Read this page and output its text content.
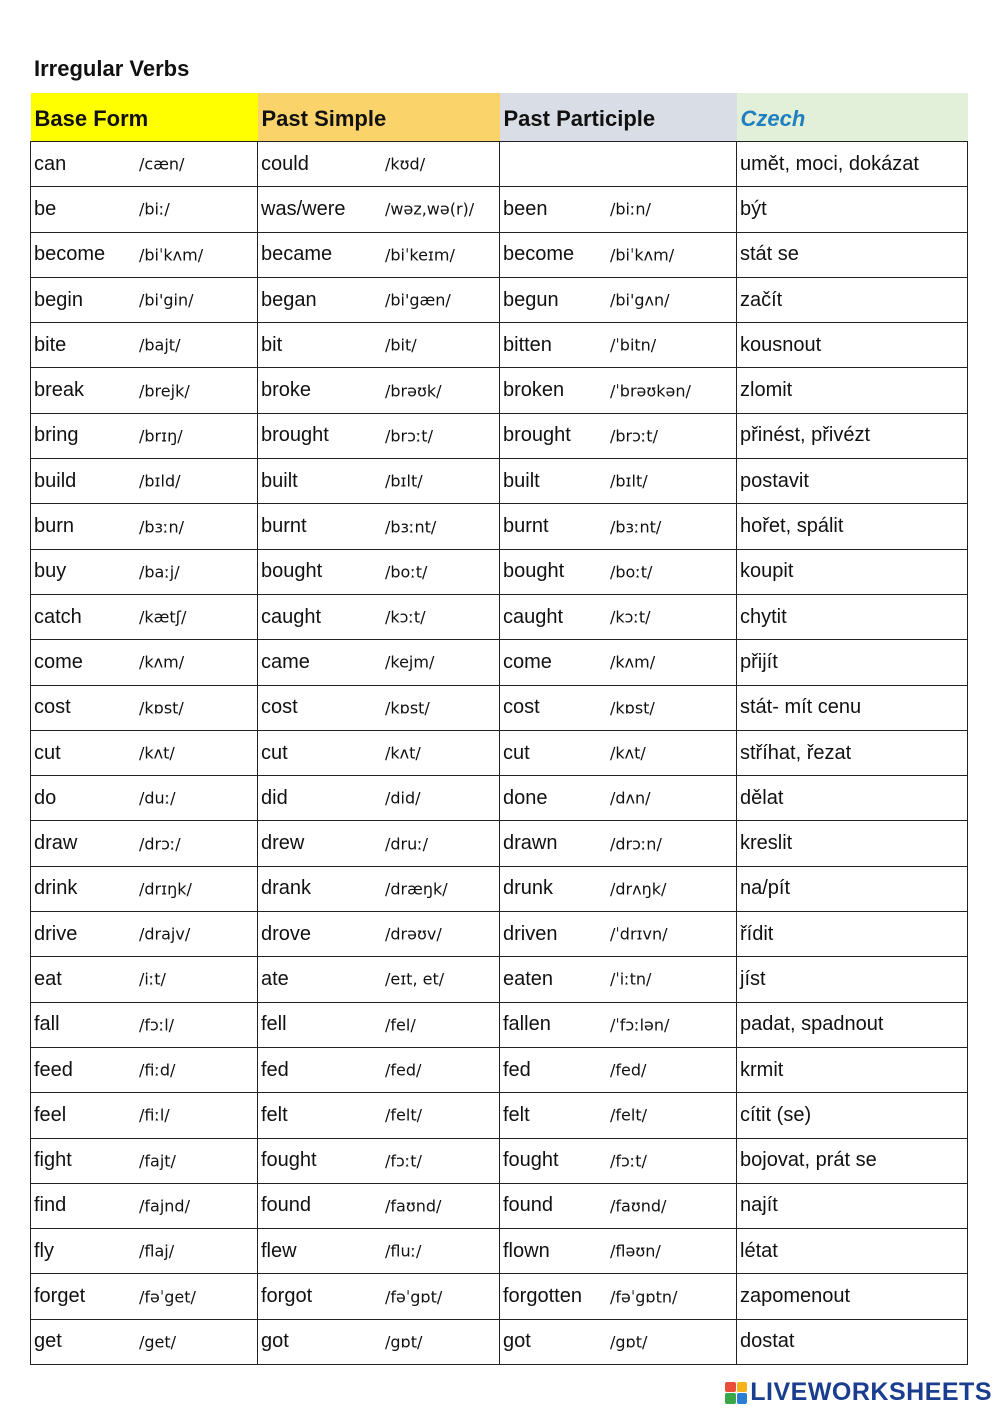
Irregular Verbs
Base Form	Past Simple	Past Participle	Czech
can /cæn/	could /kʊd/		umět, moci, dokázat
be /biː/	was/were /wəz,wə(r)/	been /biːn/	být
become /biˈkʌm/	became /biˈkeɪm/	become /biˈkʌm/	stát se
begin /bi'gin/	began /bi'gæn/	begun /bi'gʌn/	začít
bite /bajt/	bit /bit/	bitten /ˈbitn/	kousnout
break /brejk/	broke /brəʊk/	broken /ˈbrəʊkən/	zlomit
bring /brɪŋ/	brought /brɔːt/	brought /brɔːt/	přinést, přivézt
build /bɪld/	built /bɪlt/	built /bɪlt/	postavit
burn /bɜːn/	burnt /bɜːnt/	burnt /bɜːnt/	hořet, spálit
buy /baːj/	bought /boːt/	bought /boːt/	koupit
catch /kætʃ/	caught /kɔːt/	caught /kɔːt/	chytit
come /kʌm/	came /kejm/	come /kʌm/	přijít
cost /kɒst/	cost /kɒst/	cost /kɒst/	stát- mít cenu
cut /kʌt/	cut /kʌt/	cut /kʌt/	stříhat, řezat
do /duː/	did /did/	done /dʌn/	dělat
draw /drɔː/	drew /druː/	drawn /drɔːn/	kreslit
drink /drɪŋk/	drank /dræŋk/	drunk /drʌŋk/	na/pít
drive /drajv/	drove /drəʊv/	driven /ˈdrɪvn/	řídit
eat /iːt/	ate /eɪt, et/	eaten /ˈiːtn/	jíst
fall /fɔːl/	fell /fel/	fallen /ˈfɔːlən/	padat, spadnout
feed /fiːd/	fed /fed/	fed /fed/	krmit
feel /fiːl/	felt /felt/	felt /felt/	cítit (se)
fight /fajt/	fought /fɔːt/	fought /fɔːt/	bojovat, prát se
find /fajnd/	found /faʊnd/	found /faʊnd/	najít
fly /flaj/	flew /fluː/	flown /fləʊn/	létat
forget /fəˈget/	forgot /fəˈgɒt/	forgotten /fəˈgɒtn/	zapomenout
get /get/	got /gɒt/	got /gɒt/	dostat
LIVEWORKSHEETS
